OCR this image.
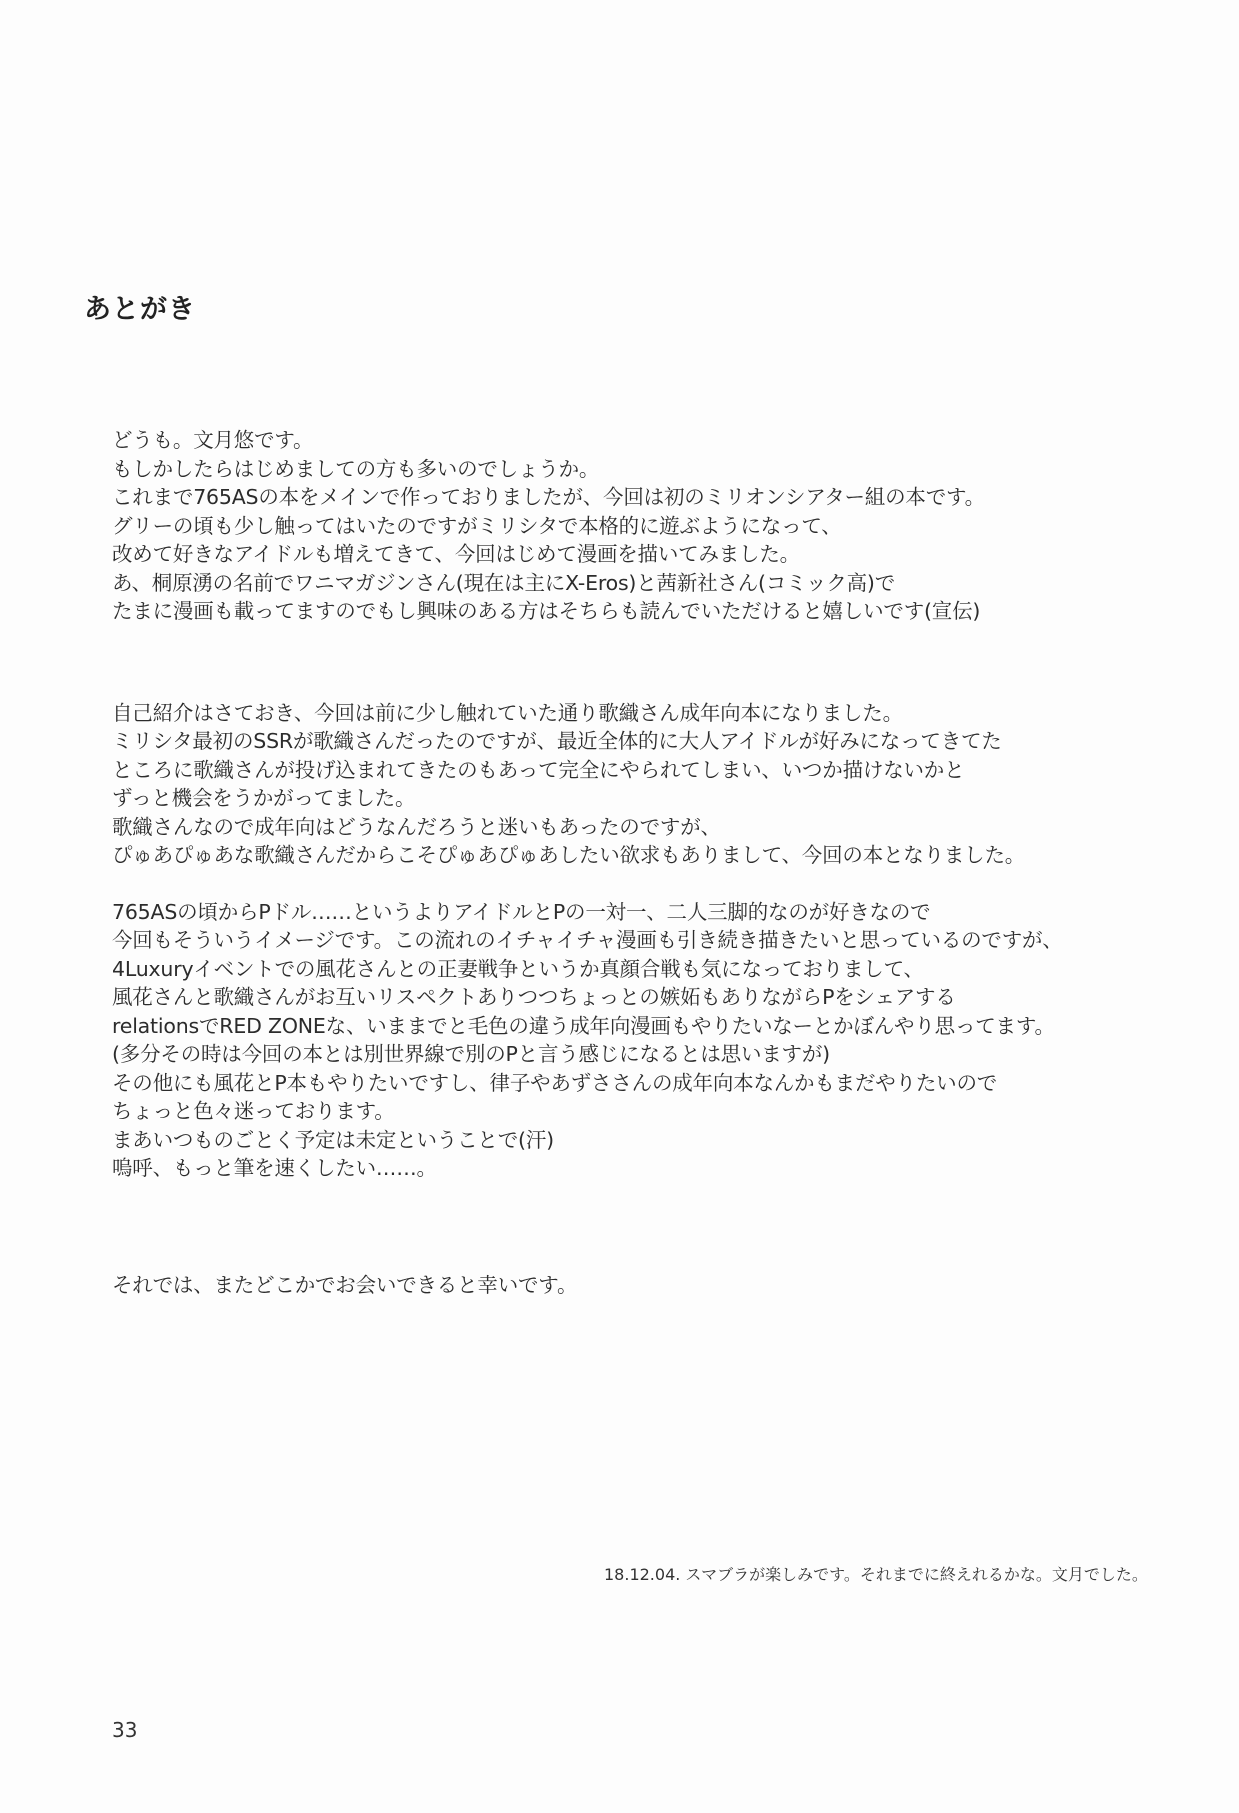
あとがき

どうも。文月悠です。
もしかしたらはじめましての方も多いのでしょうか。
これまで765ASの本をメインで作っておりましたが、今回は初のミリオンシアター組の本です。
グリーの頃も少し触ってはいたのですがミリシタで本格的に遊ぶようになって、
改めて好きなアイドルも増えてきて、今回はじめて漫画を描いてみました。
あ、桐原湧の名前でワニマガジンさん(現在は主にX-Eros)と茜新社さん(コミック高)で
たまに漫画も載ってますのでもし興味のある方はそちらも読んでいただけると嬉しいです(宣伝)

自己紹介はさておき、今回は前に少し触れていた通り歌織さん成年向本になりました。
ミリシタ最初のSSRが歌織さんだったのですが、最近全体的に大人アイドルが好みになってきてた
ところに歌織さんが投げ込まれてきたのもあって完全にやられてしまい、いつか描けないかと
ずっと機会をうかがってました。
歌織さんなので成年向はどうなんだろうと迷いもあったのですが、
ぴゅあぴゅあな歌織さんだからこそぴゅあぴゅあしたい欲求もありまして、今回の本となりました。

765ASの頃からPドル……というよりアイドルとPの一対一、二人三脚的なのが好きなので
今回もそういうイメージです。この流れのイチャイチャ漫画も引き続き描きたいと思っているのですが、
4Luxuryイベントでの風花さんとの正妻戦争というか真顔合戦も気になっておりまして、
風花さんと歌織さんがお互いリスペクトありつつちょっとの嫉妬もありながらPをシェアする
relationsでRED ZONEな、いままでと毛色の違う成年向漫画もやりたいなーとかぼんやり思ってます。
(多分その時は今回の本とは別世界線で別のPと言う感じになるとは思いますが)
その他にも風花とP本もやりたいですし、律子やあずささんの成年向本なんかもまだやりたいので
ちょっと色々迷っております。
まあいつものごとく予定は未定ということで(汗)
嗚呼、もっと筆を速くしたい……。

それでは、またどこかでお会いできると幸いです。

18.12.04. スマブラが楽しみです。それまでに終えれるかな。文月でした。
33
